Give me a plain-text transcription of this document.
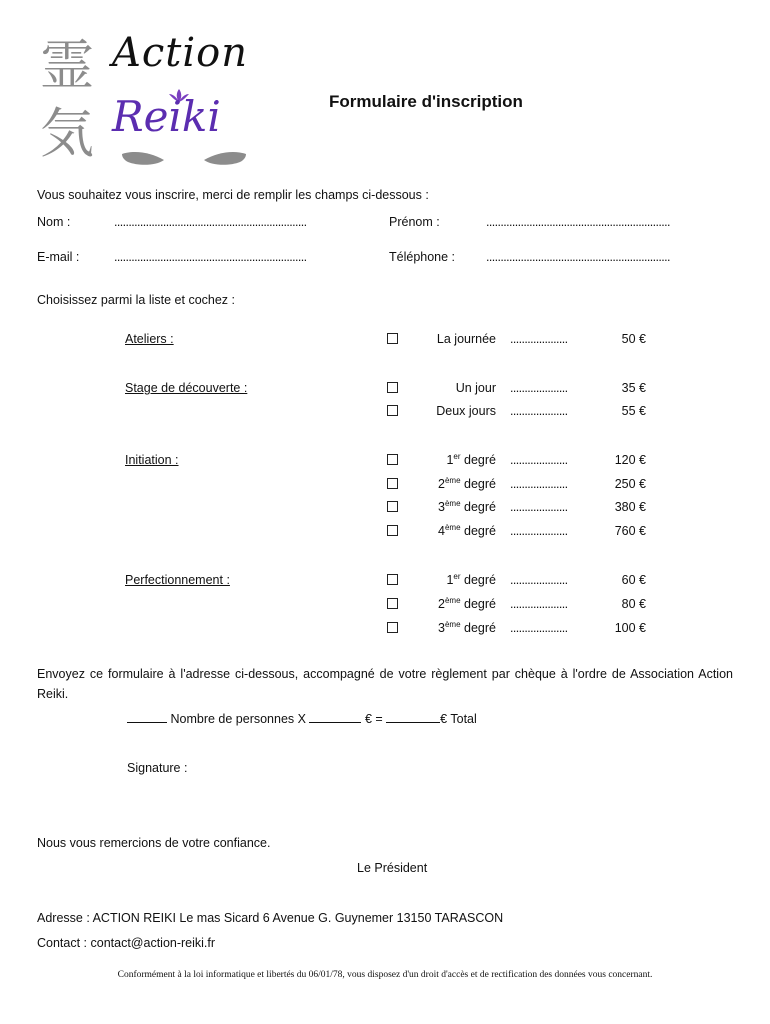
霊
気
Action
Reiki	Formulaire d'inscription
Vous souhaitez vous inscrire, merci de remplir les champs ci-dessous :
Nom :	...................................................................	Prénom :	................................................................
E-mail :	...................................................................	Téléphone : ................................................................
Choisissez parmi la liste et cochez :
Ateliers :	La journée ....................	50 €
Stage de découverte :	Un jour ....................	35 €
Deux jours ....................	55 €
Initiation :	1er degré ....................	120 €
2ème degré ....................	250 €
3ème degré ....................	380 €
4ème degré ....................	760 €
Perfectionnement :	1er degré ....................	60 €
2ème degré ....................	80 €
3ème degré ....................	100 €
Envoyez ce formulaire à l'adresse ci-dessous, accompagné de votre règlement par chèque à l'ordre de Association Action Reiki.
Nombre de personnes X	€ =	€ Total
Signature :
Nous vous remercions de votre confiance.
Le Président
Adresse : ACTION REIKI Le mas Sicard 6 Avenue G. Guynemer 13150 TARASCON
Contact : contact@action-reiki.fr
Conformément à la loi informatique et libertés du 06/01/78, vous disposez d'un droit d'accès et de rectification des données vous concernant.
